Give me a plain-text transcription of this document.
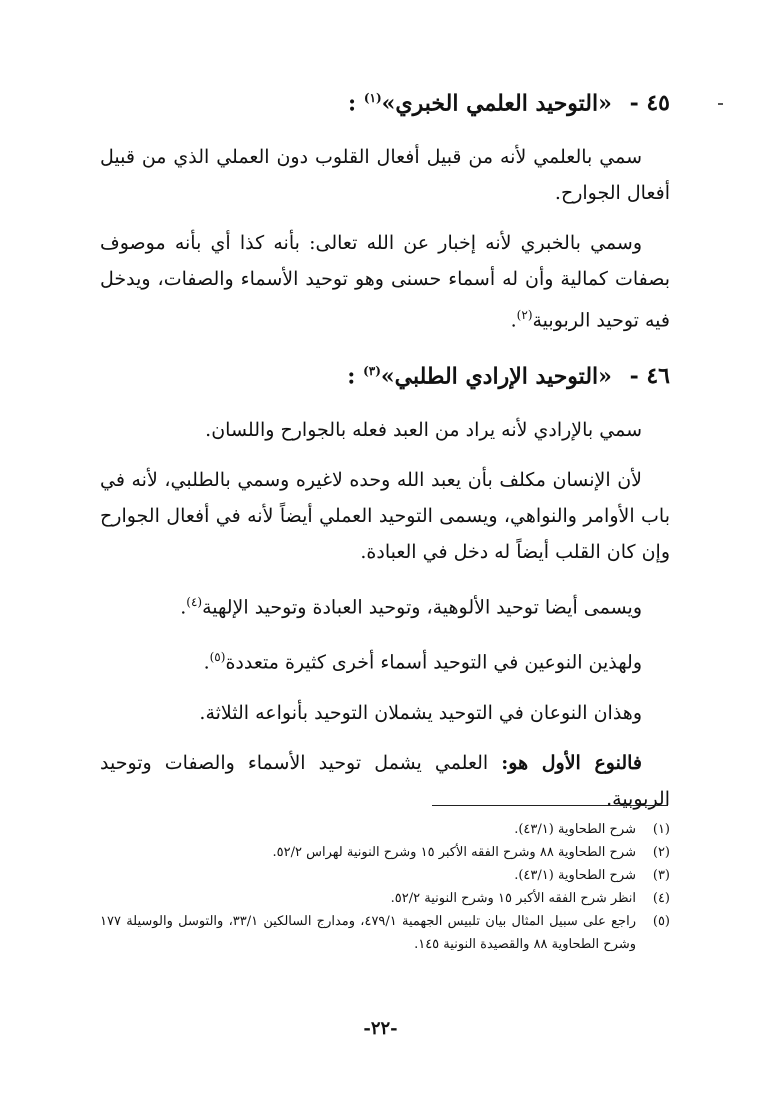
٤٥ - «التوحيد العلمي الخبري»$^{(١)}$ :

سمي بالعلمي لأنه من قبيل أفعال القلوب دون العملي الذي من قبيل أفعال الجوارح.

وسمي بالخبري لأنه إخبار عن الله تعالى: بأنه كذا أي بأنه موصوف بصفات كمالية وأن له أسماء حسنى وهو توحيد الأسماء والصفات، ويدخل فيه توحيد الربوبية$^{(٢)}$.

٤٦ - «التوحيد الإرادي الطلبي»$^{(٣)}$ :

سمي بالإرادي لأنه يراد من العبد فعله بالجوارح واللسان.

لأن الإنسان مكلف بأن يعبد الله وحده لاغيره وسمي بالطلبي، لأنه في باب الأوامر والنواهي، ويسمى التوحيد العملي أيضاً لأنه في أفعال الجوارح وإن كان القلب أيضاً له دخل في العبادة.

ويسمى أيضا توحيد الألوهية، وتوحيد العبادة وتوحيد الإلهية$^{(٤)}$.

ولهذين النوعين في التوحيد أسماء أخرى كثيرة متعددة$^{(٥)}$.

وهذان النوعان في التوحيد يشملان التوحيد بأنواعه الثلاثة.

فالنوع الأول هو: العلمي يشمل توحيد الأسماء والصفات وتوحيد الربوبية.

(١)
شرح الطحاوية (٤٣/١).
(٢)
شرح الطحاوية ٨٨ وشرح الفقه الأكبر ١٥ وشرح النونية لهراس ٥٢/٢.
(٣)
شرح الطحاوية (٤٣/١).
(٤)
انظر شرح الفقه الأكبر ١٥ وشرح النونية ٥٢/٢.
(٥)
راجع على سبيل المثال بيان تلبيس الجهمية ٤٧٩/١، ومدارج السالكين ٣٣/١، والتوسل والوسيلة ١٧٧ وشرح الطحاوية ٨٨ والقصيدة النونية ١٤٥.
-٢٢-
